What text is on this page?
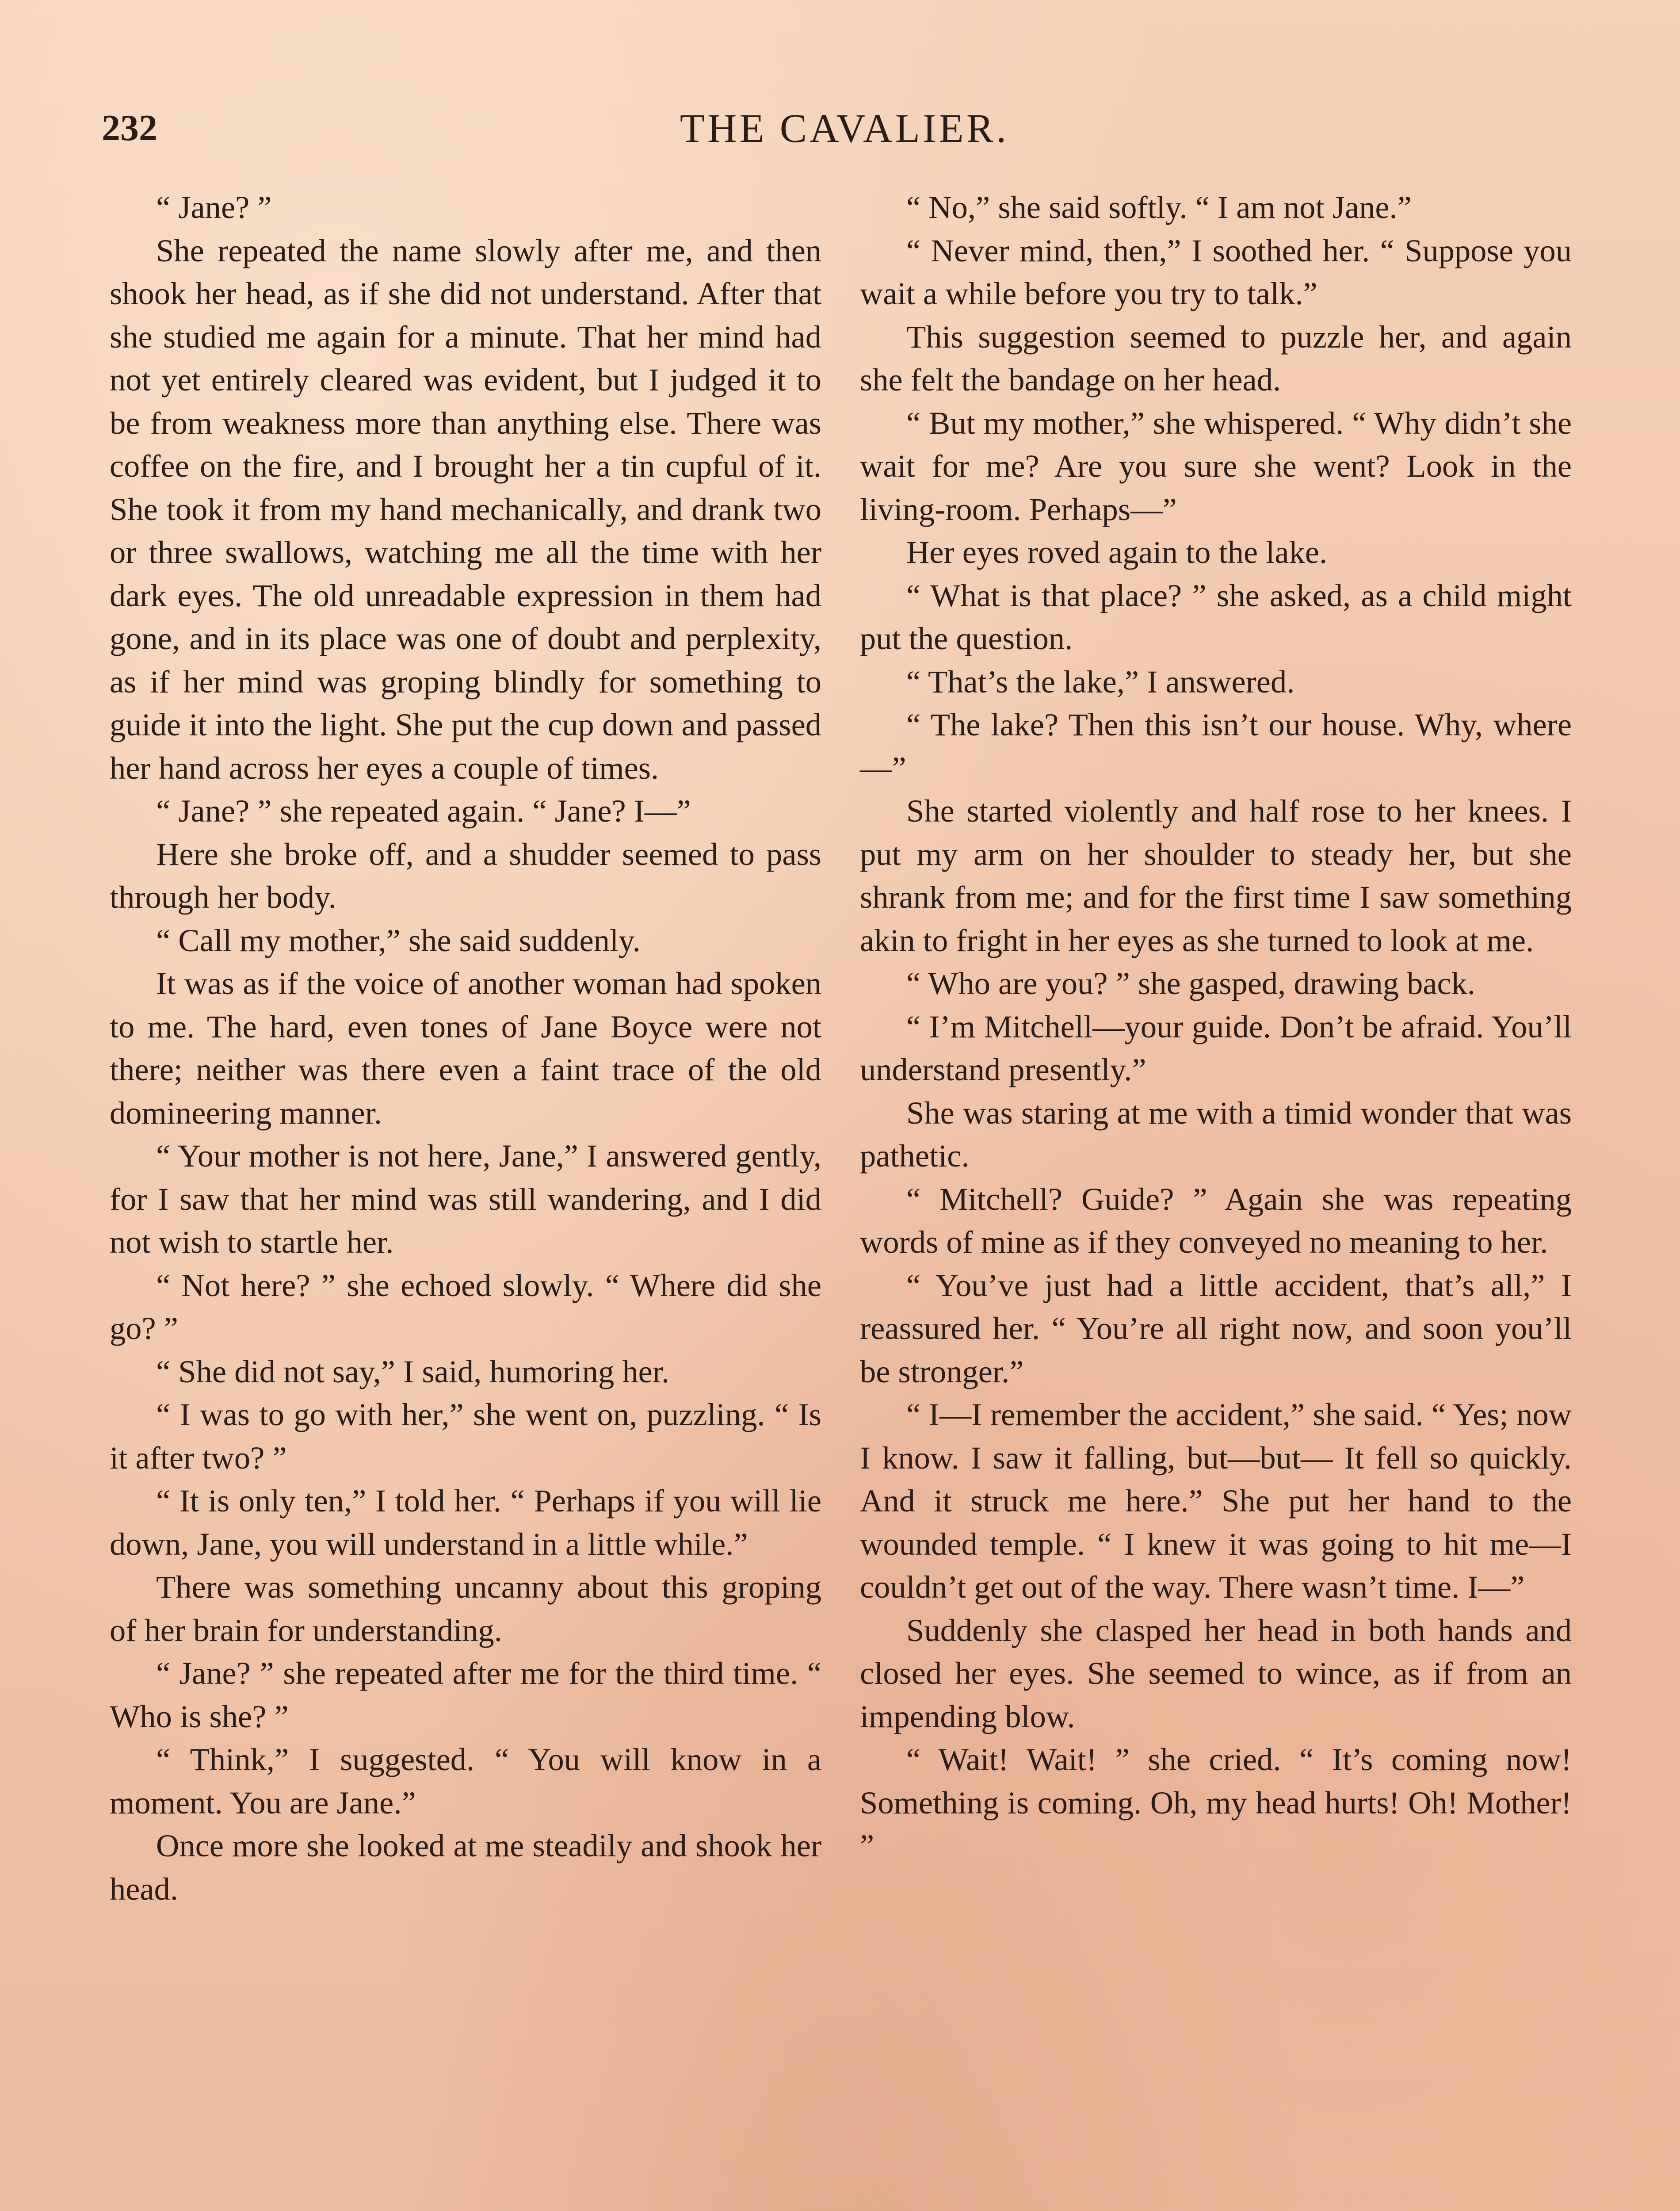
232	THE CAVALIER.

“ Jane? ”

She repeated the name slowly after me, and then shook her head, as if she did not understand. After that she studied me again for a minute. That her mind had not yet entirely cleared was evident, but I judged it to be from weakness more than anything else. There was coffee on the fire, and I brought her a tin cupful of it. She took it from my hand mechanically, and drank two or three swallows, watching me all the time with her dark eyes. The old unreadable expression in them had gone, and in its place was one of doubt and perplexity, as if her mind was groping blindly for something to guide it into the light. She put the cup down and passed her hand across her eyes a couple of times.

“ Jane? ” she repeated again. “ Jane? I—”

Here she broke off, and a shudder seemed to pass through her body.

“ Call my mother,” she said suddenly.

It was as if the voice of another woman had spoken to me. The hard, even tones of Jane Boyce were not there; neither was there even a faint trace of the old domineering manner.

“ Your mother is not here, Jane,” I answered gently, for I saw that her mind was still wandering, and I did not wish to startle her.

“ Not here? ” she echoed slowly. “ Where did she go? ”

“ She did not say,” I said, humoring her.

“ I was to go with her,” she went on, puzzling. “ Is it after two? ”

“ It is only ten,” I told her. “ Perhaps if you will lie down, Jane, you will understand in a little while.”

There was something uncanny about this groping of her brain for understanding.

“ Jane? ” she repeated after me for the third time. “ Who is she? ”

“ Think,” I suggested. “ You will know in a moment. You are Jane.”

Once more she looked at me steadily and shook her head.

“ No,” she said softly. “ I am not Jane.”

“ Never mind, then,” I soothed her. “ Suppose you wait a while before you try to talk.”

This suggestion seemed to puzzle her, and again she felt the bandage on her head.

“ But my mother,” she whispered. “ Why didn’t she wait for me? Are you sure she went? Look in the living-room. Perhaps—”

Her eyes roved again to the lake.

“ What is that place? ” she asked, as a child might put the question.

“ That’s the lake,” I answered.

“ The lake? Then this isn’t our house. Why, where—”

She started violently and half rose to her knees. I put my arm on her shoulder to steady her, but she shrank from me; and for the first time I saw something akin to fright in her eyes as she turned to look at me.

“ Who are you? ” she gasped, drawing back.

“ I’m Mitchell—your guide. Don’t be afraid. You’ll understand presently.”

She was staring at me with a timid wonder that was pathetic.

“ Mitchell? Guide? ” Again she was repeating words of mine as if they conveyed no meaning to her.

“ You’ve just had a little accident, that’s all,” I reassured her. “ You’re all right now, and soon you’ll be stronger.”

“ I—I remember the accident,” she said. “ Yes; now I know. I saw it falling, but—but— It fell so quickly. And it struck me here.” She put her hand to the wounded temple. “ I knew it was going to hit me—I couldn’t get out of the way. There wasn’t time. I—”

Suddenly she clasped her head in both hands and closed her eyes. She seemed to wince, as if from an impending blow.

“ Wait! Wait! ” she cried. “ It’s coming now! Something is coming. Oh, my head hurts! Oh! Mother! ”
